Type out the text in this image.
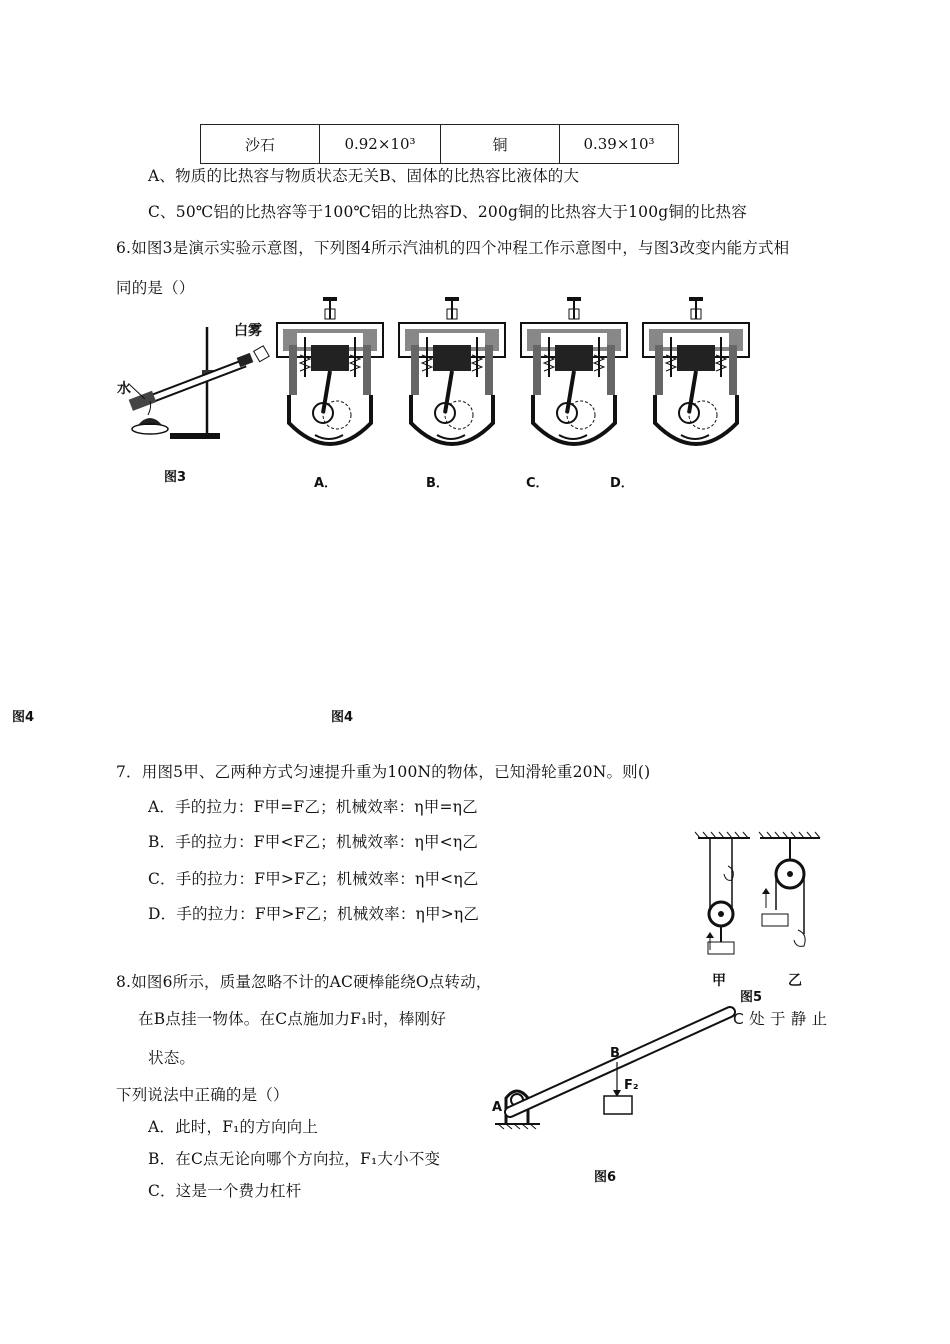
沙石	0.92×10³	铜	0.39×10³
A、物质的比热容与物质状态无关B、固体的比热容比液体的大
C、50℃铝的比热容等于100℃铝的比热容D、200g铜的比热容大于100g铜的比热容
6.如图3是演示实验示意图，下列图4所示汽油机的四个冲程工作示意图中，与图3改变内能方式相
同的是（）
白雾
水
图3	A．	B．	C．	D．
图4	图4
7．用图5甲、乙两种方式匀速提升重为100N的物体，已知滑轮重20N。则()
A．手的拉力：F甲=F乙；机械效率：η甲=η乙
B．手的拉力：F甲<F乙；机械效率：η甲<η乙
C．手的拉力：F甲>F乙；机械效率：η甲<η乙
D．手的拉力：F甲>F乙；机械效率：η甲>η乙
甲	乙
图5
8.如图6所示，质量忽略不计的AC硬棒能绕O点转动，
在B点挂一物体。在C点施加力F₁时，棒刚好	C 处 于 静 止
状态。
下列说法中正确的是（）
A．此时，F₁的方向向上
B．在C点无论向哪个方向拉，F₁大小不变
C．这是一个费力杠杆
A
B
F₂
图6
